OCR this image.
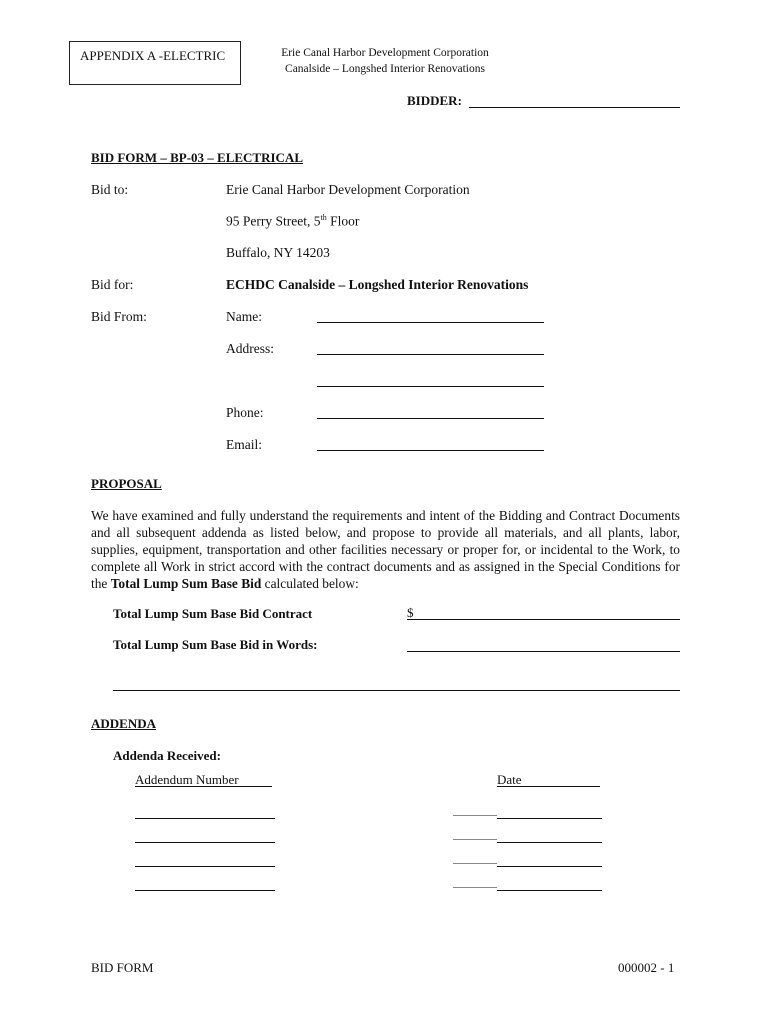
APPENDIX A -ELECTRIC	Erie Canal Harbor Development Corporation
Canalside – Longshed Interior Renovations
BIDDER:
BID FORM – BP-03 – ELECTRICAL
Bid to:	Erie Canal Harbor Development Corporation
95 Perry Street, 5th Floor
Buffalo, NY 14203
Bid for:	ECHDC Canalside – Longshed Interior Renovations
Bid From:	Name:
Address:
Phone:
Email:
PROPOSAL

We have examined and fully understand the requirements and intent of the Bidding and Contract Documents and all subsequent addenda as listed below, and propose to provide all materials, and all plants, labor, supplies, equipment, transportation and other facilities necessary or proper for, or incidental to the Work, to complete all Work in strict accord with the contract documents and as assigned in the Special Conditions for the Total Lump Sum Base Bid calculated below:

Total Lump Sum Base Bid Contract	$
Total Lump Sum Base Bid in Words:
ADDENDA
Addenda Received:
Addendum Number	Date
BID FORM	000002 - 1
